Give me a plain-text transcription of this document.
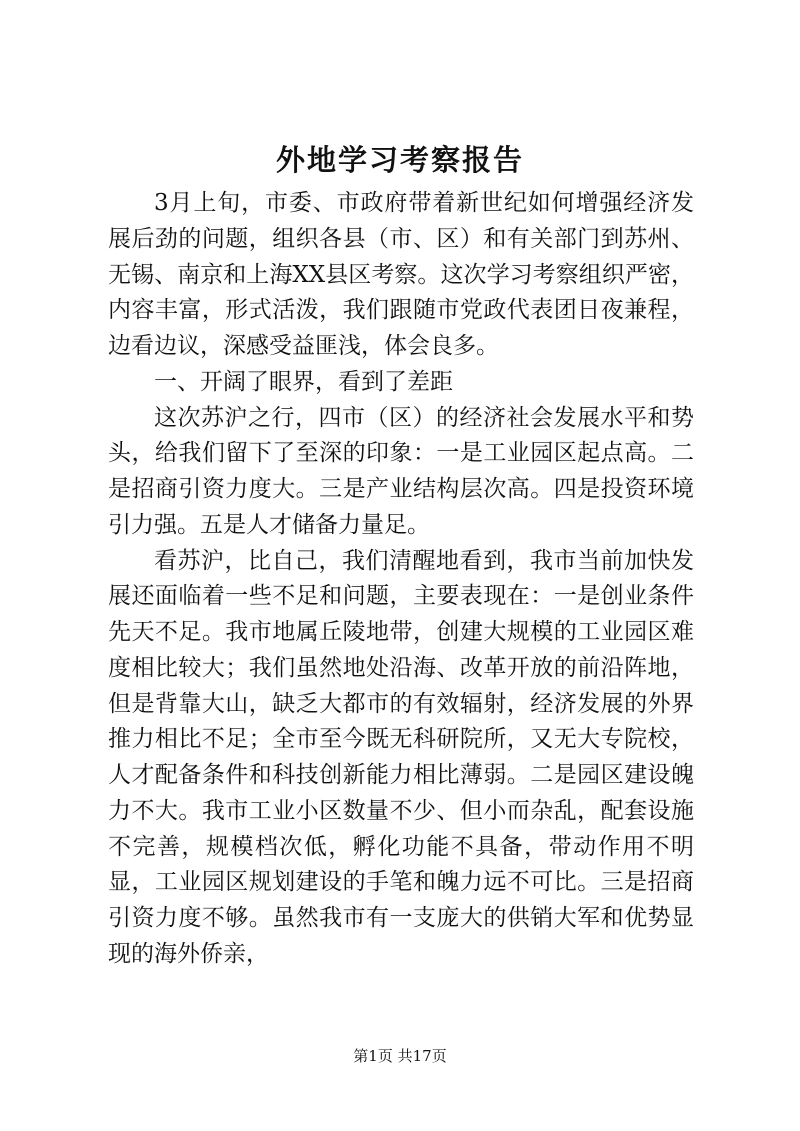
外地学习考察报告

3月上旬，市委、市政府带着新世纪如何增强经济发展后劲的问题，组织各县（市、区）和有关部门到苏州、无锡、南京和上海XX县区考察。这次学习考察组织严密，内容丰富，形式活泼，我们跟随市党政代表团日夜兼程，边看边议，深感受益匪浅，体会良多。

一、开阔了眼界，看到了差距

这次苏沪之行，四市（区）的经济社会发展水平和势头，给我们留下了至深的印象：一是工业园区起点高。二是招商引资力度大。三是产业结构层次高。四是投资环境引力强。五是人才储备力量足。

看苏沪，比自己，我们清醒地看到，我市当前加快发展还面临着一些不足和问题，主要表现在：一是创业条件先天不足。我市地属丘陵地带，创建大规模的工业园区难度相比较大；我们虽然地处沿海、改革开放的前沿阵地，但是背靠大山，缺乏大都市的有效辐射，经济发展的外界推力相比不足；全市至今既无科研院所，又无大专院校，人才配备条件和科技创新能力相比薄弱。二是园区建设魄力不大。我市工业小区数量不少、但小而杂乱，配套设施不完善，规模档次低，孵化功能不具备，带动作用不明显，工业园区规划建设的手笔和魄力远不可比。三是招商引资力度不够。虽然我市有一支庞大的供销大军和优势显现的海外侨亲，

第1页 共17页
